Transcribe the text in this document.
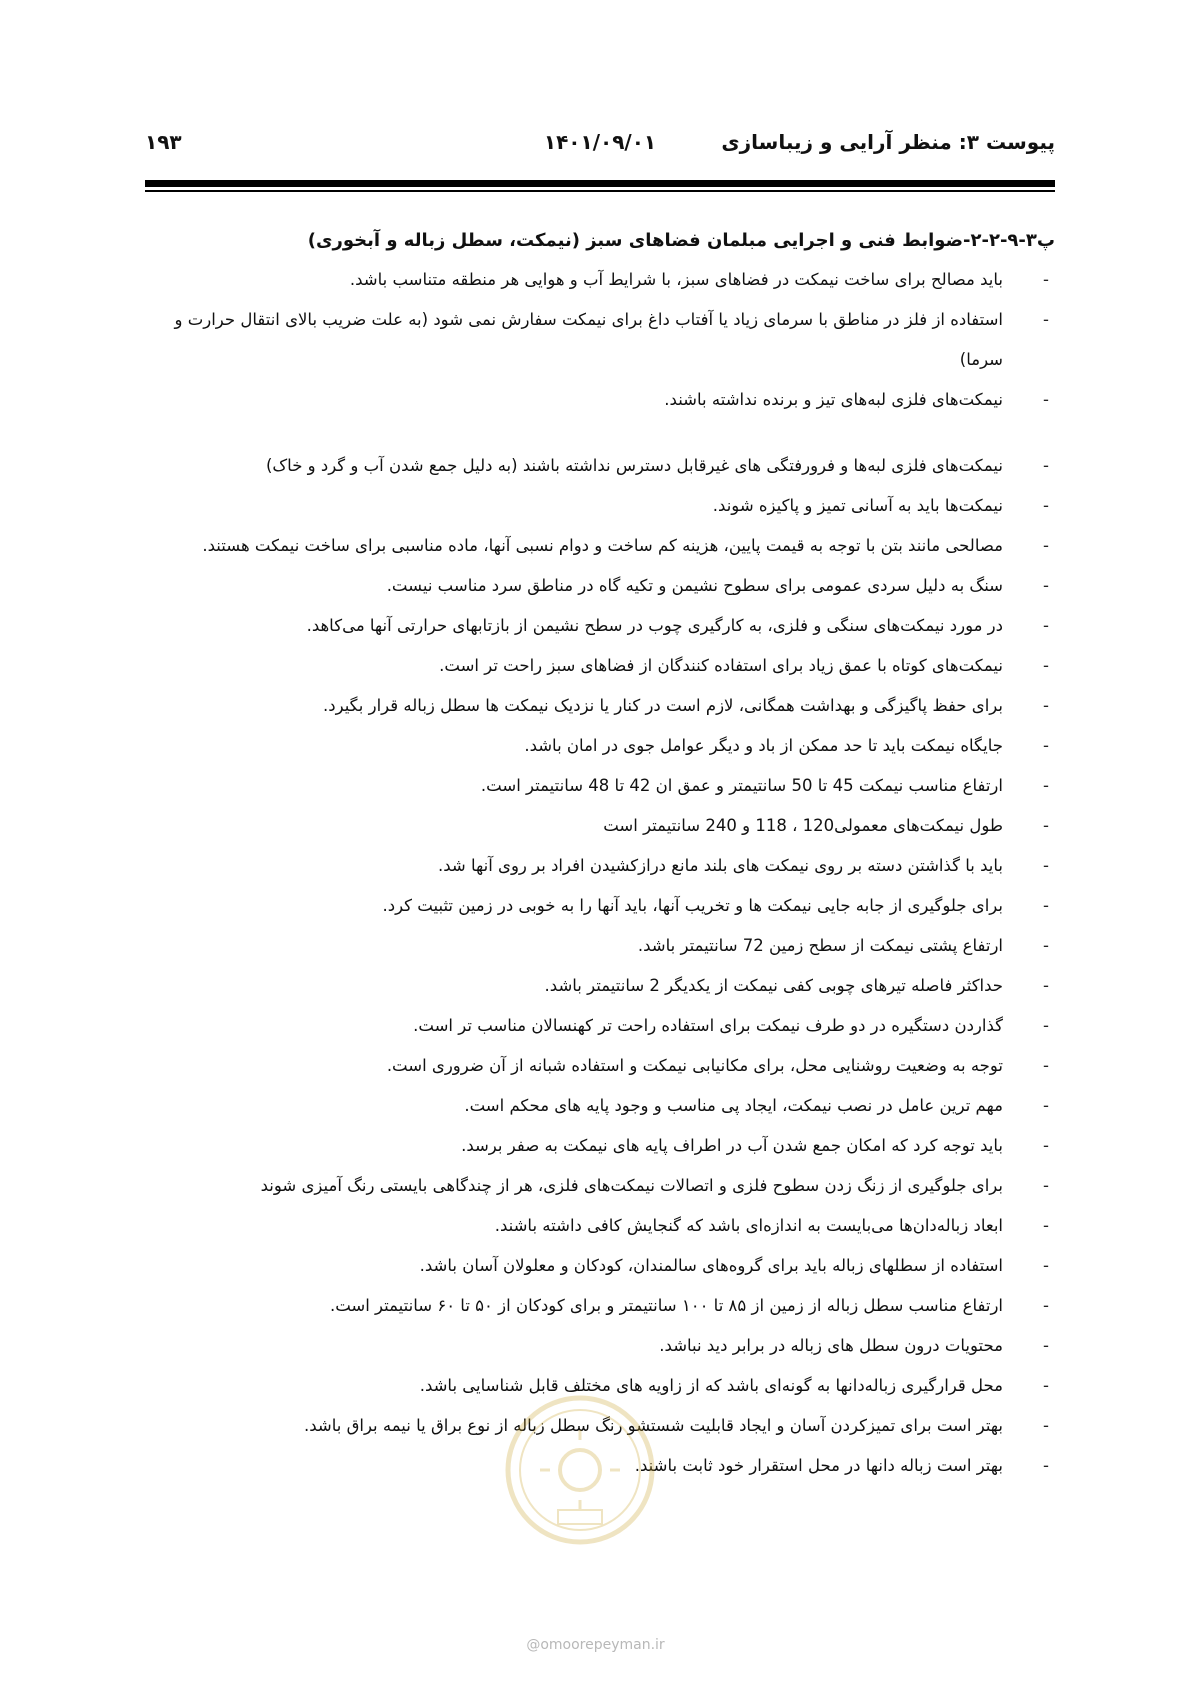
پیوست ۳: منظر آرایی و زیباسازی
۱۴۰۱/۰۹/۰۱
۱۹۳

پ۳-۹-۲-۲-ضوابط فنی و اجرایی مبلمان فضاهای سبز (نیمکت، سطل زباله و آبخوری)

-
باید مصالح برای ساخت نیمکت در فضاهای سبز، با شرایط آب و هوایی هر منطقه متناسب باشد.
-
استفاده از فلز در مناطق با سرمای زیاد یا آفتاب داغ برای نیمکت سفارش نمی شود (به علت ضریب بالای انتقال حرارت و سرما)
-
نیمکت‌های فلزی لبه‌های تیز و برنده نداشته باشند.
-
نیمکت‌های فلزی لبه‌ها و فرورفتگی های غیرقابل دسترس نداشته باشند (به دلیل جمع شدن آب و گرد و خاک)
-
نیمکت‌ها باید به آسانی تمیز و پاکیزه شوند.
-
مصالحی مانند بتن با توجه به قیمت پایین، هزینه کم ساخت و دوام نسبی آنها، ماده مناسبی برای ساخت نیمکت هستند.
-
سنگ به دلیل سردی عمومی برای سطوح نشیمن و تکیه گاه در مناطق سرد مناسب نیست.
-
در مورد نیمکت‌های سنگی و فلزی، به کارگیری چوب در سطح نشیمن از بازتابهای حرارتی آنها می‌کاهد.
-
نیمکت‌های کوتاه با عمق زیاد برای استفاده کنندگان از فضاهای سبز راحت تر است.
-
برای حفظ پاگیزگی و بهداشت همگانی، لازم است در کنار یا نزدیک نیمکت ها سطل زباله قرار بگیرد.
-
جایگاه نیمکت باید تا حد ممکن از باد و دیگر عوامل جوی در امان باشد.
-
ارتفاع مناسب نیمکت 45 تا 50 سانتیمتر و عمق ان 42 تا 48 سانتیمتر است.
-
طول نیمکت‌های معمولی120 ، 118 و 240 سانتیمتر است
-
باید با گذاشتن دسته بر روی نیمکت های بلند مانع درازکشیدن افراد بر روی آنها شد.
-
برای جلوگیری از جابه جایی نیمکت ها و تخریب آنها، باید آنها را به خوبی در زمین تثبیت کرد.
-
ارتفاع پشتی نیمکت از سطح زمین 72 سانتیمتر باشد.
-
حداکثر فاصله تیرهای چوبی کفی نیمکت از یکدیگر 2 سانتیمتر باشد.
-
گذاردن دستگیره در دو طرف نیمکت برای استفاده راحت تر کهنسالان مناسب تر است.
-
توجه به وضعیت روشنایی محل، برای مکانیابی نیمکت و استفاده شبانه از آن ضروری است.
-
مهم ترین عامل در نصب نیمکت، ایجاد پی مناسب و وجود پایه های محکم است.
-
باید توجه کرد که امکان جمع شدن آب در اطراف پایه های نیمکت به صفر برسد.
-
برای جلوگیری از زنگ زدن سطوح فلزی و اتصالات نیمکت‌های فلزی، هر از چندگاهی بایستی رنگ آمیزی شوند
-
ابعاد زباله‌دان‌ها می‌بایست به اندازه‌ای باشد که گنجایش کافی داشته باشند.
-
استفاده از سطلهای زباله باید برای گروه‌های سالمندان، کودکان و معلولان آسان باشد.
-
ارتفاع مناسب سطل زباله از زمین از ۸۵ تا ۱۰۰ سانتیمتر و برای کودکان از ۵۰ تا ۶۰ سانتیمتر است.
-
محتویات درون سطل های زباله در برابر دید نباشد.
-
محل قرارگیری زباله‌دانها به گونه‌ای باشد که از زاویه های مختلف قابل شناسایی باشد.
-
بهتر است برای تمیزکردن آسان و ایجاد قابلیت شستشو رنگ سطل زباله از نوع براق یا نیمه براق باشد.
-
بهتر است زباله دانها در محل استقرار خود ثابت باشند.
@omoorepeyman.ir
